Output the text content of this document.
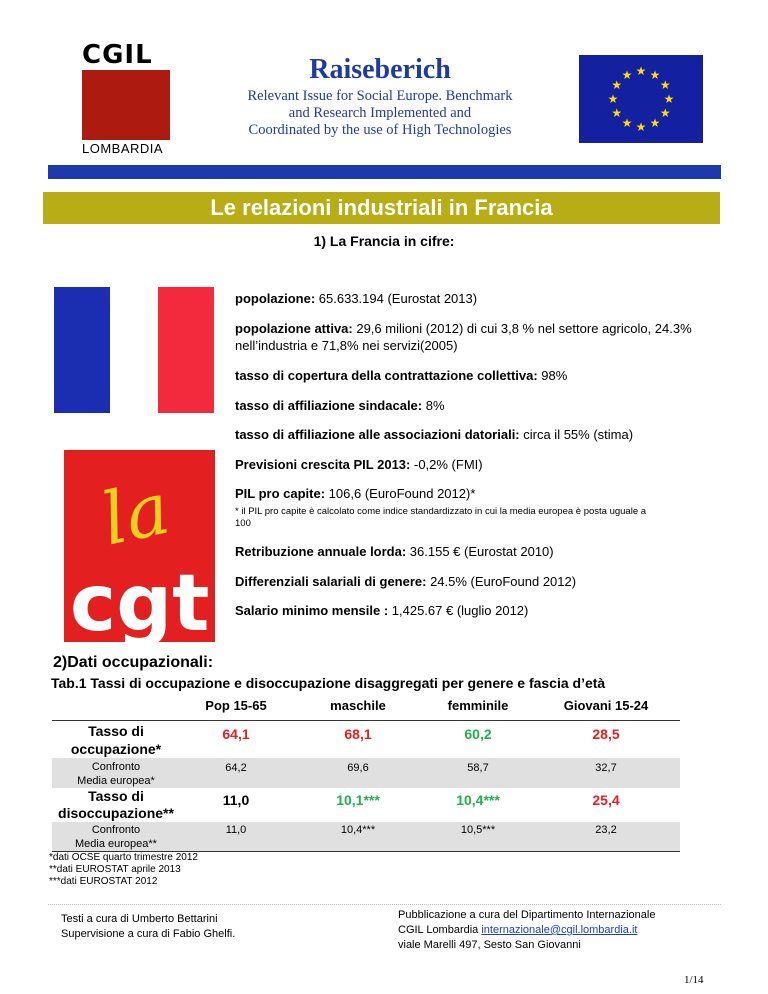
CGIL
LOMBARDIA
Raiseberich
Relevant Issue for Social Europe. Benchmark
and Research Implemented and
Coordinated by the use of High Technologies
★ ★
★
★
★
★
★
★
★
★
★
★
Le relazioni industriali in Francia
1) La Francia in cifre:
la
cgt
popolazione: 65.633.194 (Eurostat 2013)
popolazione attiva: 29,6 milioni (2012) di cui 3,8 % nel settore agricolo, 24.3% nell’industria e 71,8% nei servizi(2005)
tasso di copertura della contrattazione collettiva: 98%
tasso di affiliazione sindacale: 8%
tasso di affiliazione alle associazioni datoriali: circa il 55% (stima)
Previsioni crescita PIL 2013: -0,2% (FMI)
PIL pro capite: 106,6 (EuroFound 2012)*
* il PIL pro capite è calcolato come indice standardizzato in cui la media europea è posta uguale a 100
Retribuzione annuale lorda: 36.155 € (Eurostat 2010)
Differenziali salariali di genere: 24.5% (EuroFound 2012)
Salario minimo mensile : 1,425.67 € (luglio 2012)
2)Dati occupazionali:
Tab.1 Tassi di occupazione e disoccupazione disaggregati per genere e fascia d’età
Pop 15-65	maschile	femminile	Giovani 15-24
Tasso di
occupazione*
64,1	68,1	60,2	28,5
Confronto
Media europea*
64,2	69,6	58,7	32,7
Tasso di
disoccupazione**
11,0	10,1***	10,4***	25,4
Confronto
Media europea**
11,0	10,4***	10,5***	23,2
*dati OCSE quarto trimestre 2012
**dati EUROSTAT aprile 2013
***dati EUROSTAT 2012
Testi a cura di Umberto Bettarini
Supervisione a cura di Fabio Ghelfi.
Pubblicazione a cura del Dipartimento Internazionale
CGIL Lombardia internazionale@cgil.lombardia.it
viale Marelli 497, Sesto San Giovanni
1/14
